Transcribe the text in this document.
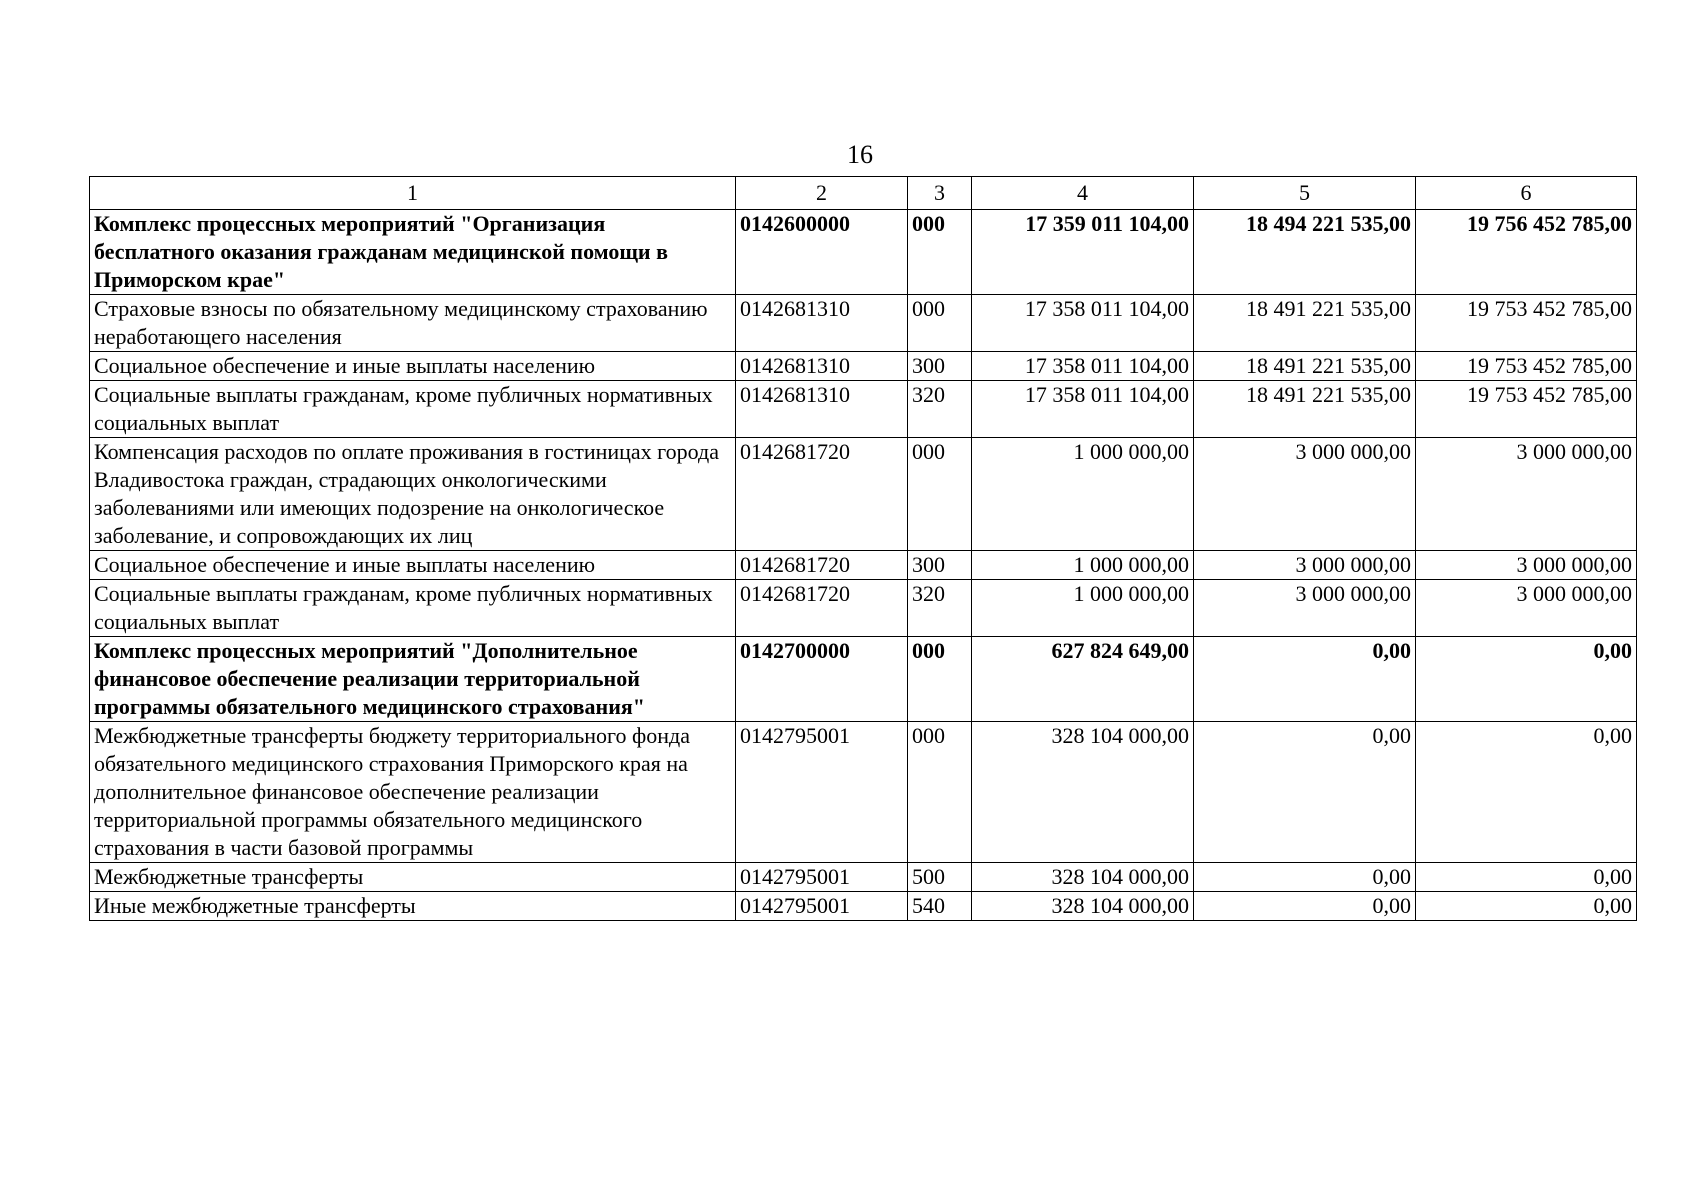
16
1	2	3	4	5	6
Комплекс процессных мероприятий "Организация бесплатного оказания гражданам медицинской помощи в Приморском крае"	0142600000	000	17 359 011 104,00	18 494 221 535,00	19 756 452 785,00
Страховые взносы по обязательному медицинскому страхованию неработающего населения	0142681310	000	17 358 011 104,00	18 491 221 535,00	19 753 452 785,00
Социальное обеспечение и иные выплаты населению	0142681310	300	17 358 011 104,00	18 491 221 535,00	19 753 452 785,00
Социальные выплаты гражданам, кроме публичных нормативных социальных выплат	0142681310	320	17 358 011 104,00	18 491 221 535,00	19 753 452 785,00
Компенсация расходов по оплате проживания в гостиницах города Владивостока граждан, страдающих онкологическими заболеваниями или имеющих подозрение на онкологическое заболевание, и сопровождающих их лиц	0142681720	000	1 000 000,00	3 000 000,00	3 000 000,00
Социальное обеспечение и иные выплаты населению	0142681720	300	1 000 000,00	3 000 000,00	3 000 000,00
Социальные выплаты гражданам, кроме публичных нормативных социальных выплат	0142681720	320	1 000 000,00	3 000 000,00	3 000 000,00
Комплекс процессных мероприятий "Дополнительное финансовое обеспечение реализации территориальной программы обязательного медицинского страхования"	0142700000	000	627 824 649,00	0,00	0,00
Межбюджетные трансферты бюджету территориального фонда обязательного медицинского страхования Приморского края на дополнительное финансовое обеспечение реализации территориальной программы обязательного медицинского страхования в части базовой программы	0142795001	000	328 104 000,00	0,00	0,00
Межбюджетные трансферты	0142795001	500	328 104 000,00	0,00	0,00
Иные межбюджетные трансферты	0142795001	540	328 104 000,00	0,00	0,00
